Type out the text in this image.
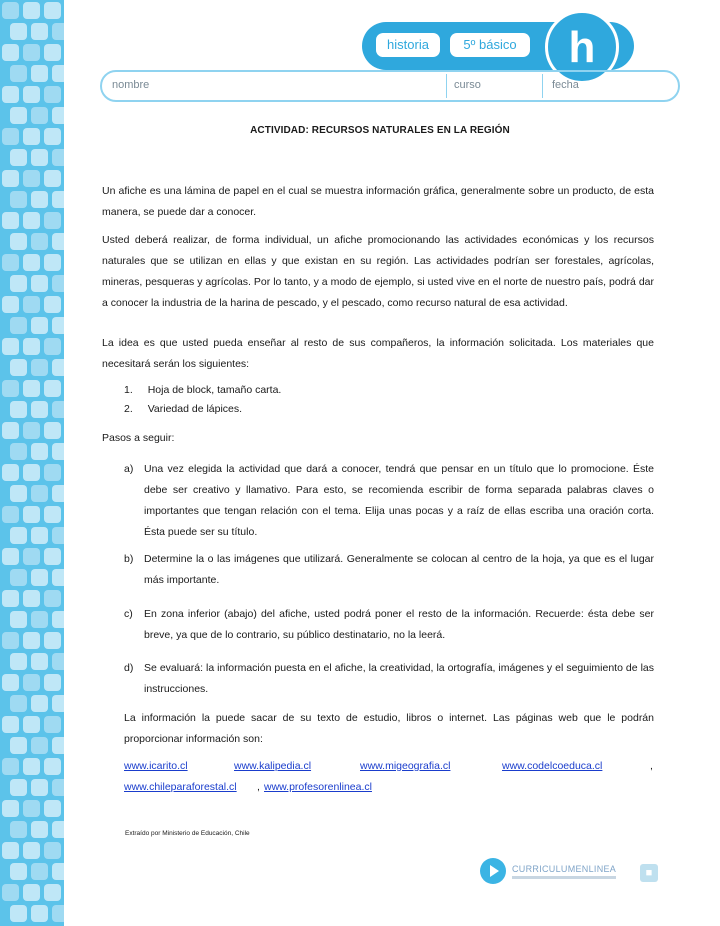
historia	5º básico	h
nombre	curso	fecha
ACTIVIDAD: RECURSOS NATURALES EN LA REGIÓN

Un afiche es una lámina de papel en el cual se muestra información gráfica, generalmente sobre un producto, de esta manera, se puede dar a conocer.

Usted deberá realizar, de forma individual, un afiche promocionando las actividades económicas y los recursos naturales que se utilizan en ellas y que existan en su región. Las actividades podrían ser forestales, agrícolas, mineras, pesqueras y agrícolas. Por lo tanto, y a modo de ejemplo, si usted vive en el norte de nuestro país, podrá dar a conocer la industria de la harina de pescado, y el pescado, como recurso natural de esa actividad.

La idea es que usted pueda enseñar al resto de sus compañeros, la información solicitada. Los materiales que necesitará serán los siguientes:

1. Hoja de block, tamaño carta.
2. Variedad de lápices.
Pasos a seguir:
a) Una vez elegida la actividad que dará a conocer, tendrá que pensar en un título que lo promocione. Éste debe ser creativo y llamativo. Para esto, se recomienda escribir de forma separada palabras claves o importantes que tengan relación con el tema. Elija unas pocas y a raíz de ellas escriba una oración corta. Ésta puede ser su título.
b) Determine la o las imágenes que utilizará. Generalmente se colocan al centro de la hoja, ya que es el lugar más importante.
c) En zona inferior (abajo) del afiche, usted podrá poner el resto de la información. Recuerde: ésta debe ser breve, ya que de lo contrario, su público destinatario, no la leerá.
d) Se evaluará: la información puesta en el afiche, la creatividad, la ortografía, imágenes y el seguimiento de las instrucciones.

La información la puede sacar de su texto de estudio, libros o internet. Las páginas web que le podrán proporcionar información son:

www.icarito.cl	www.kalipedia.cl	www.migeografia.cl	www.codelcoeduca.cl	,
www.chileparaforestal.cl , www.profesorenlinea.cl
Extraído por Ministerio de Educación, Chile
CURRICULUMENLINEA	■
